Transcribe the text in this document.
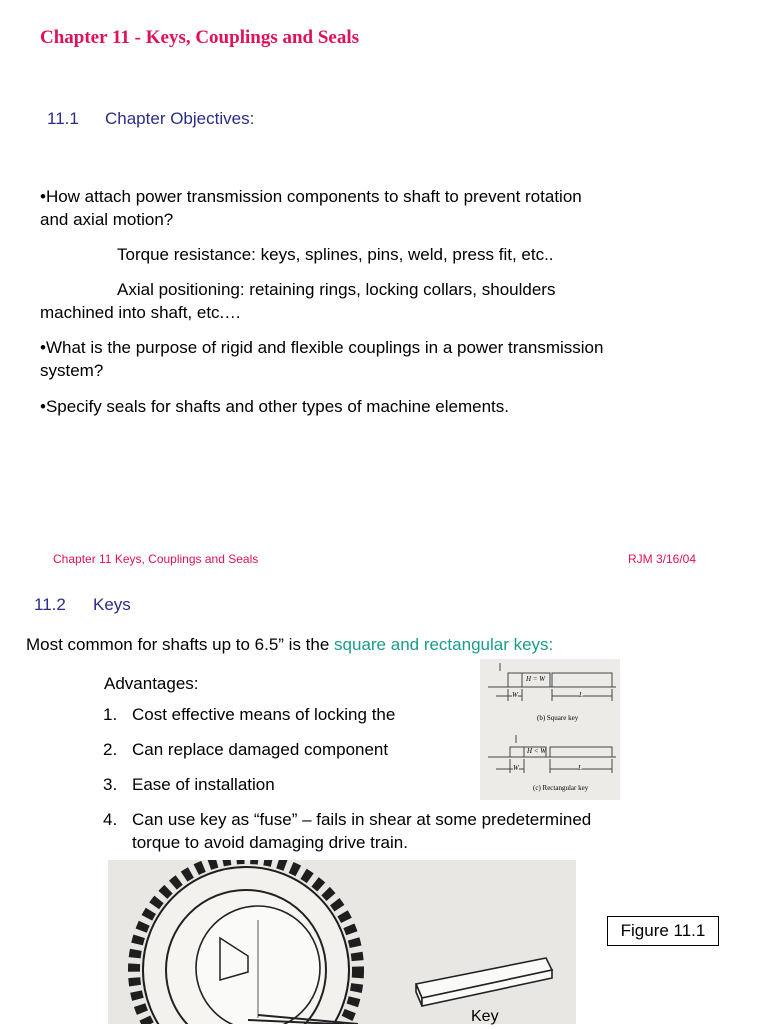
Chapter 11 - Keys, Couplings and Seals
11.1 Chapter Objectives:
•How attach power transmission components to shaft to prevent rotation
and axial motion?
Torque resistance: keys, splines, pins, weld, press fit, etc..
Axial positioning: retaining rings, locking collars, shoulders
machined into shaft, etc.…
•What is the purpose of rigid and flexible couplings in a power transmission
system?
•Specify seals for shafts and other types of machine elements.
Chapter 11 Keys, Couplings and Seals	RJM 3/16/04
11.2 Keys
Most common for shafts up to 6.5” is the square and rectangular keys:
Advantages:
1. Cost effective means of locking the
2. Can replace damaged component
3. Ease of installation
4. Can use key as “fuse” – fails in shear at some predetermined
torque to avoid damaging drive train.
H = W
W	L
(b) Square key
H < W
W	L
(c) Rectangular key
Key
Figure 11.1
